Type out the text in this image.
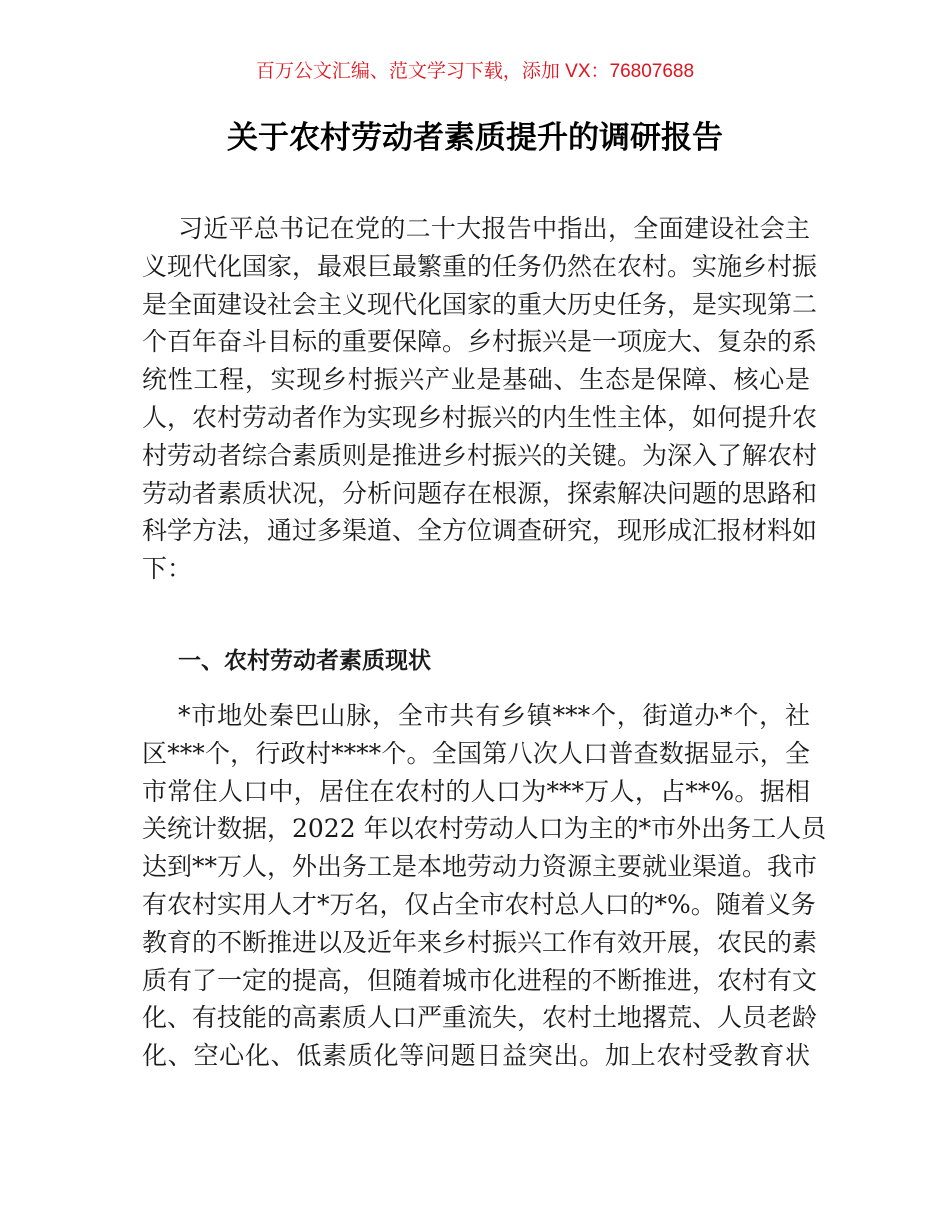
百万公文汇编、范文学习下载，添加 VX：76807688
关于农村劳动者素质提升的调研报告
习近平总书记在党的二十大报告中指出，全面建设社会主
义现代化国家，最艰巨最繁重的任务仍然在农村。实施乡村振
是全面建设社会主义现代化国家的重大历史任务，是实现第二
个百年奋斗目标的重要保障。乡村振兴是一项庞大、复杂的系
统性工程，实现乡村振兴产业是基础、生态是保障、核心是
人，农村劳动者作为实现乡村振兴的内生性主体，如何提升农
村劳动者综合素质则是推进乡村振兴的关键。为深入了解农村
劳动者素质状况，分析问题存在根源，探索解决问题的思路和
科学方法，通过多渠道、全方位调查研究，现形成汇报材料如
下：
一、农村劳动者素质现状
*市地处秦巴山脉，全市共有乡镇***个，街道办*个，社
区***个，行政村****个。全国第八次人口普查数据显示，全
市常住人口中，居住在农村的人口为***万人，占**%。据相
关统计数据，2022 年以农村劳动人口为主的*市外出务工人员
达到**万人，外出务工是本地劳动力资源主要就业渠道。我市
有农村实用人才*万名，仅占全市农村总人口的*%。随着义务
教育的不断推进以及近年来乡村振兴工作有效开展，农民的素
质有了一定的提高，但随着城市化进程的不断推进，农村有文
化、有技能的高素质人口严重流失，农村土地撂荒、人员老龄
化、空心化、低素质化等问题日益突出。加上农村受教育状
